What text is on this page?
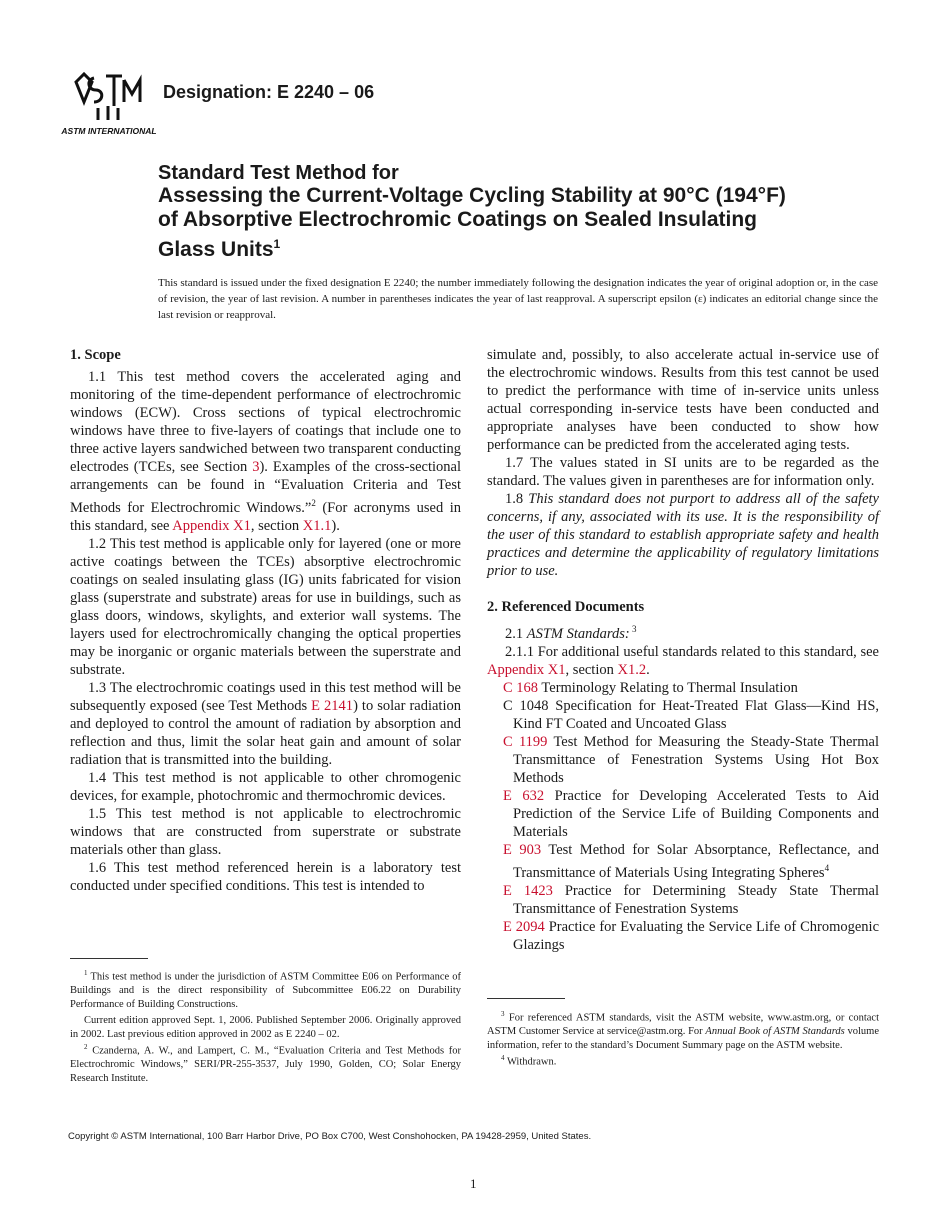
ASTM INTERNATIONAL
Designation: E 2240 – 06
Standard Test Method for
Assessing the Current-Voltage Cycling Stability at 90°C (194°F) of Absorptive Electrochromic Coatings on Sealed Insulating Glass Units$^1$
This standard is issued under the fixed designation E 2240; the number immediately following the designation indicates the year of original adoption or, in the case of revision, the year of last revision. A number in parentheses indicates the year of last reapproval. A superscript epsilon (ε) indicates an editorial change since the last revision or reapproval.

1. Scope

1.1 This test method covers the accelerated aging and monitoring of the time-dependent performance of electrochromic windows (ECW). Cross sections of typical electrochromic windows have three to five-layers of coatings that include one to three active layers sandwiched between two transparent conducting electrodes (TCEs, see Section 3). Examples of the cross-sectional arrangements can be found in “Evaluation Criteria and Test Methods for Electrochromic Windows.”$^2$ (For acronyms used in this standard, see Appendix X1, section X1.1).

1.2 This test method is applicable only for layered (one or more active coatings between the TCEs) absorptive electrochromic coatings on sealed insulating glass (IG) units fabricated for vision glass (superstrate and substrate) areas for use in buildings, such as glass doors, windows, skylights, and exterior wall systems. The layers used for electrochromically changing the optical properties may be inorganic or organic materials between the superstrate and substrate.

1.3 The electrochromic coatings used in this test method will be subsequently exposed (see Test Methods E 2141) to solar radiation and deployed to control the amount of radiation by absorption and reflection and thus, limit the solar heat gain and amount of solar radiation that is transmitted into the building.

1.4 This test method is not applicable to other chromogenic devices, for example, photochromic and thermochromic devices.

1.5 This test method is not applicable to electrochromic windows that are constructed from superstrate or substrate materials other than glass.

1.6 This test method referenced herein is a laboratory test conducted under specified conditions. This test is intended to

simulate and, possibly, to also accelerate actual in-service use of the electrochromic windows. Results from this test cannot be used to predict the performance with time of in-service units unless actual corresponding in-service tests have been conducted and appropriate analyses have been conducted to show how performance can be predicted from the accelerated aging tests.

1.7 The values stated in SI units are to be regarded as the standard. The values given in parentheses are for information only.

1.8 This standard does not purport to address all of the safety concerns, if any, associated with its use. It is the responsibility of the user of this standard to establish appropriate safety and health practices and determine the applicability of regulatory limitations prior to use.

2. Referenced Documents

2.1 ASTM Standards: $^3$

2.1.1 For additional useful standards related to this standard, see Appendix X1, section X1.2.

C 168 Terminology Relating to Thermal Insulation

C 1048 Specification for Heat-Treated Flat Glass—Kind HS, Kind FT Coated and Uncoated Glass

C 1199 Test Method for Measuring the Steady-State Thermal Transmittance of Fenestration Systems Using Hot Box Methods

E 632 Practice for Developing Accelerated Tests to Aid Prediction of the Service Life of Building Components and Materials

E 903 Test Method for Solar Absorptance, Reflectance, and Transmittance of Materials Using Integrating Spheres$^4$

E 1423 Practice for Determining Steady State Thermal Transmittance of Fenestration Systems

E 2094 Practice for Evaluating the Service Life of Chromogenic Glazings

$^1$ This test method is under the jurisdiction of ASTM Committee E06 on Performance of Buildings and is the direct responsibility of Subcommittee E06.22 on Durability Performance of Building Constructions.

Current edition approved Sept. 1, 2006. Published September 2006. Originally approved in 2002. Last previous edition approved in 2002 as E 2240 – 02.

$^2$ Czanderna, A. W., and Lampert, C. M., “Evaluation Criteria and Test Methods for Electrochromic Windows,” SERI/PR-255-3537, July 1990, Golden, CO; Solar Energy Research Institute.

$^3$ For referenced ASTM standards, visit the ASTM website, www.astm.org, or contact ASTM Customer Service at service@astm.org. For Annual Book of ASTM Standards volume information, refer to the standard’s Document Summary page on the ASTM website.

$^4$ Withdrawn.

Copyright © ASTM International, 100 Barr Harbor Drive, PO Box C700, West Conshohocken, PA 19428-2959, United States.
1
